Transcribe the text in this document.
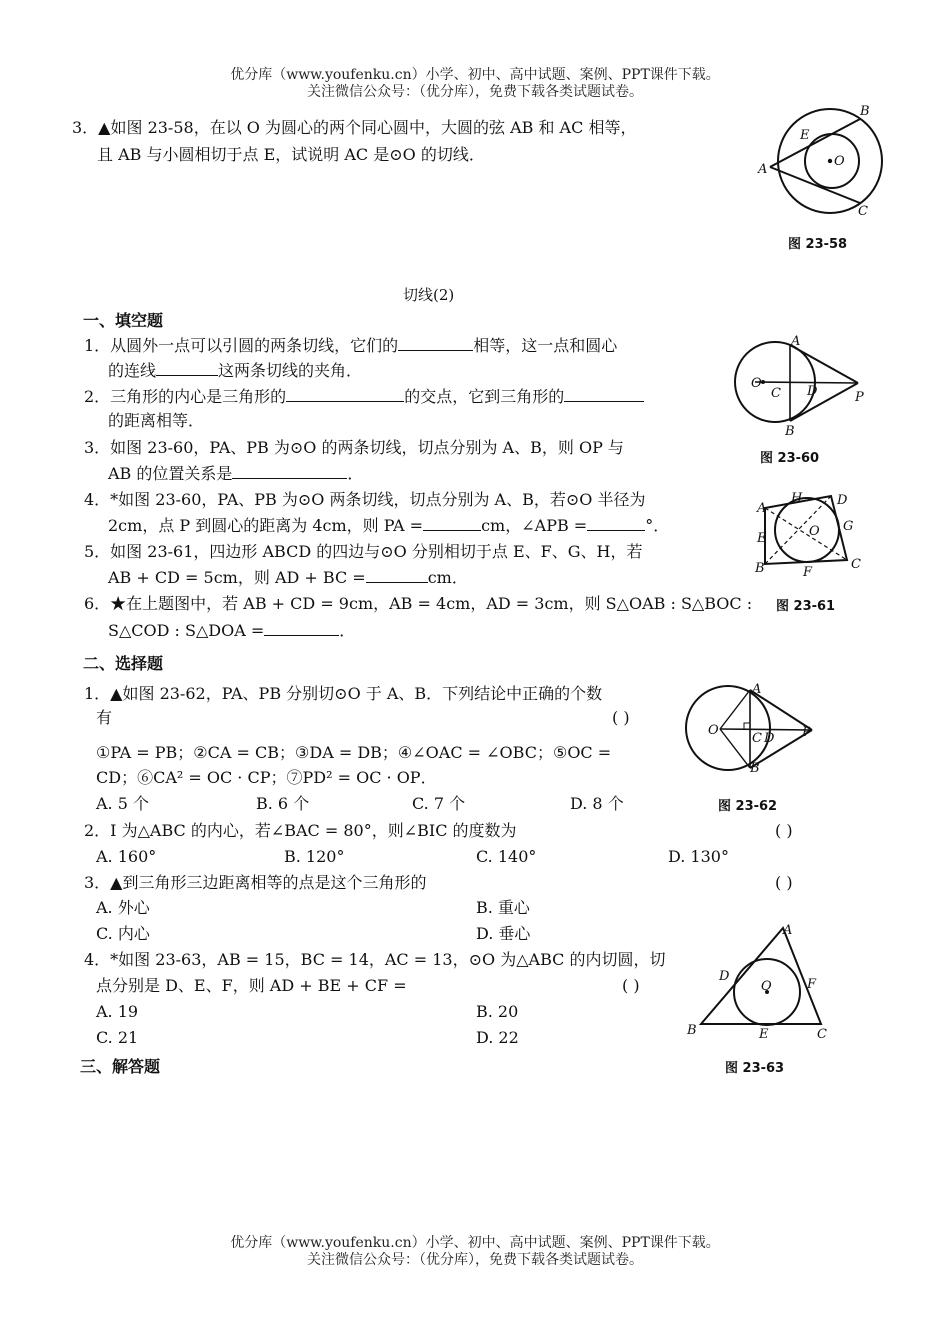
优分库（www.youfenku.cn）小学、初中、高中试题、案例、PPT课件下载。
关注微信公众号：（优分库），免费下载各类试题试卷。
3．▲如图 23-58，在以 O 为圆心的两个同心圆中，大圆的弦 AB 和 AC 相等，
且 AB 与小圆相切于点 E，试说明 AC 是⊙O 的切线．
A
B
C
E
O
图 23-58
切线(2)
一、填空题
1．从圆外一点可以引圆的两条切线，它们的	相等，这一点和圆心
的连线	这两条切线的夹角．
2．三角形的内心是三角形的	的交点，它到三角形的
的距离相等．
3．如图 23-60，PA、PB 为⊙O 的两条切线，切点分别为 A、B，则 OP 与
AB 的位置关系是	．
4．*如图 23-60，PA、PB 为⊙O 两条切线，切点分别为 A、B，若⊙O 半径为
2cm，点 P 到圆心的距离为 4cm，则 PA =	cm，∠APB =	°．
5．如图 23-61，四边形 ABCD 的四边与⊙O 分别相切于点 E、F、G、H，若
AB + CD = 5cm，则 AD + BC =	cm．
6．★在上题图中，若 AB + CD = 9cm，AB = 4cm，AD = 3cm，则 S△OAB : S△BOC :
S△COD : S△DOA =	．
A
B
C D
O
P
图 23-60
A
B	C
D
E
F
G
H
O
图 23-61
二、选择题
1．▲如图 23-62，PA、PB 分别切⊙O 于 A、B．下列结论中正确的个数
有	( )
①PA = PB；②CA = CB；③DA = DB；④∠OAC = ∠OBC；⑤OC =
CD；⑥CA² = OC · CP；⑦PD² = OC · OP．
A. 5 个	B. 6 个	C. 7 个	D. 8 个
A
B
C D
O	P
图 23-62
2．I 为△ABC 的内心，若∠BAC = 80°，则∠BIC 的度数为	( )
A. 160°	B. 120°	C. 140°	D. 130°
3．▲到三角形三边距离相等的点是这个三角形的	( )
A. 外心	B. 重心
C. 内心	D. 垂心
4．*如图 23-63，AB = 15，BC = 14，AC = 13，⊙O 为△ABC 的内切圆，切
点分别是 D、E、F，则 AD + BE + CF =	( )
A. 19	B. 20
C. 21	D. 22
A
B	C
D
E
F
O
图 23-63
三、解答题
优分库（www.youfenku.cn）小学、初中、高中试题、案例、PPT课件下载。
关注微信公众号：（优分库），免费下载各类试题试卷。
